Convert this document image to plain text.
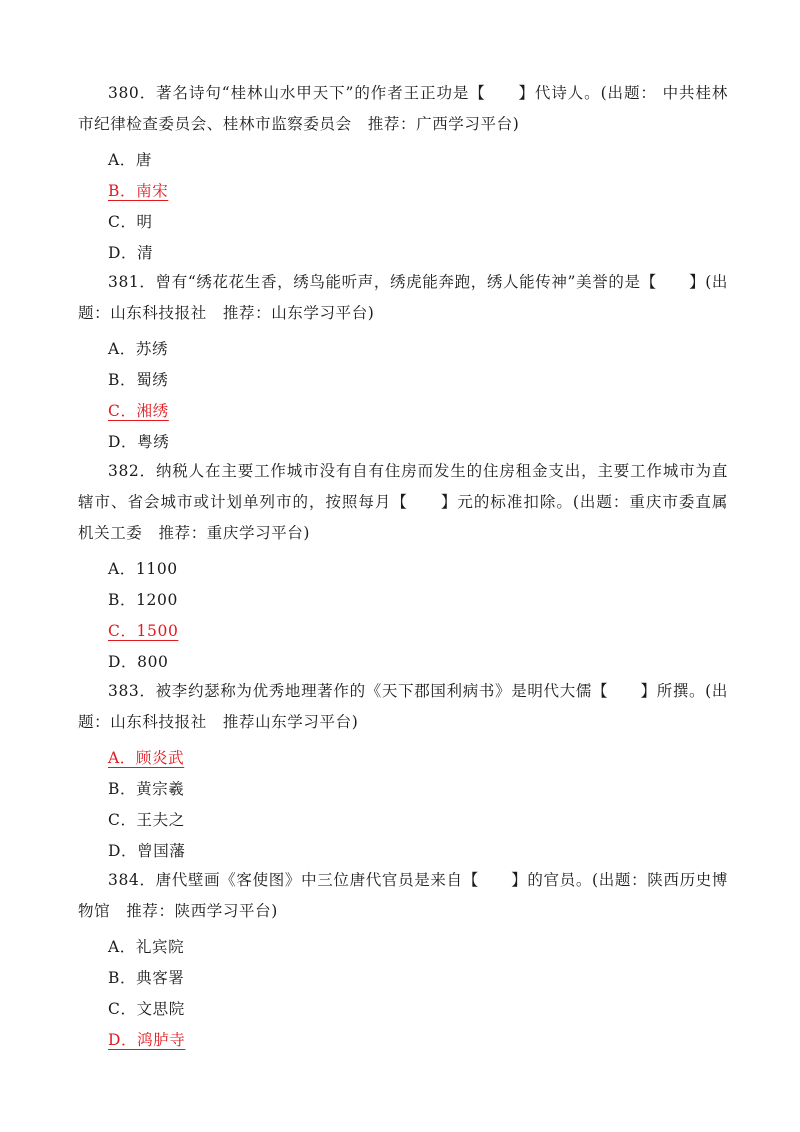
380．著名诗句“桂林山水甲天下”的作者王正功是【　　】代诗人。(出题： 中共桂林市纪律检查委员会、桂林市监察委员会　推荐：广西学习平台)
A．唐
B．南宋
C．明
D．清
381．曾有“绣花花生香，绣鸟能听声，绣虎能奔跑，绣人能传神”美誉的是【　　】(出题：山东科技报社　推荐：山东学习平台)
A．苏绣
B．蜀绣
C．湘绣
D．粤绣
382．纳税人在主要工作城市没有自有住房而发生的住房租金支出，主要工作城市为直辖市、省会城市或计划单列市的，按照每月【　　】元的标准扣除。(出题：重庆市委直属机关工委　推荐：重庆学习平台)
A．1100
B．1200
C．1500
D．800
383．被李约瑟称为优秀地理著作的《天下郡国利病书》是明代大儒【　　】所撰。(出题：山东科技报社　推荐山东学习平台)
A．顾炎武
B．黄宗羲
C．王夫之
D．曾国藩
384．唐代壁画《客使图》中三位唐代官员是来自【　　】的官员。(出题：陕西历史博物馆　推荐：陕西学习平台)
A．礼宾院
B．典客署
C．文思院
D．鸿胪寺
